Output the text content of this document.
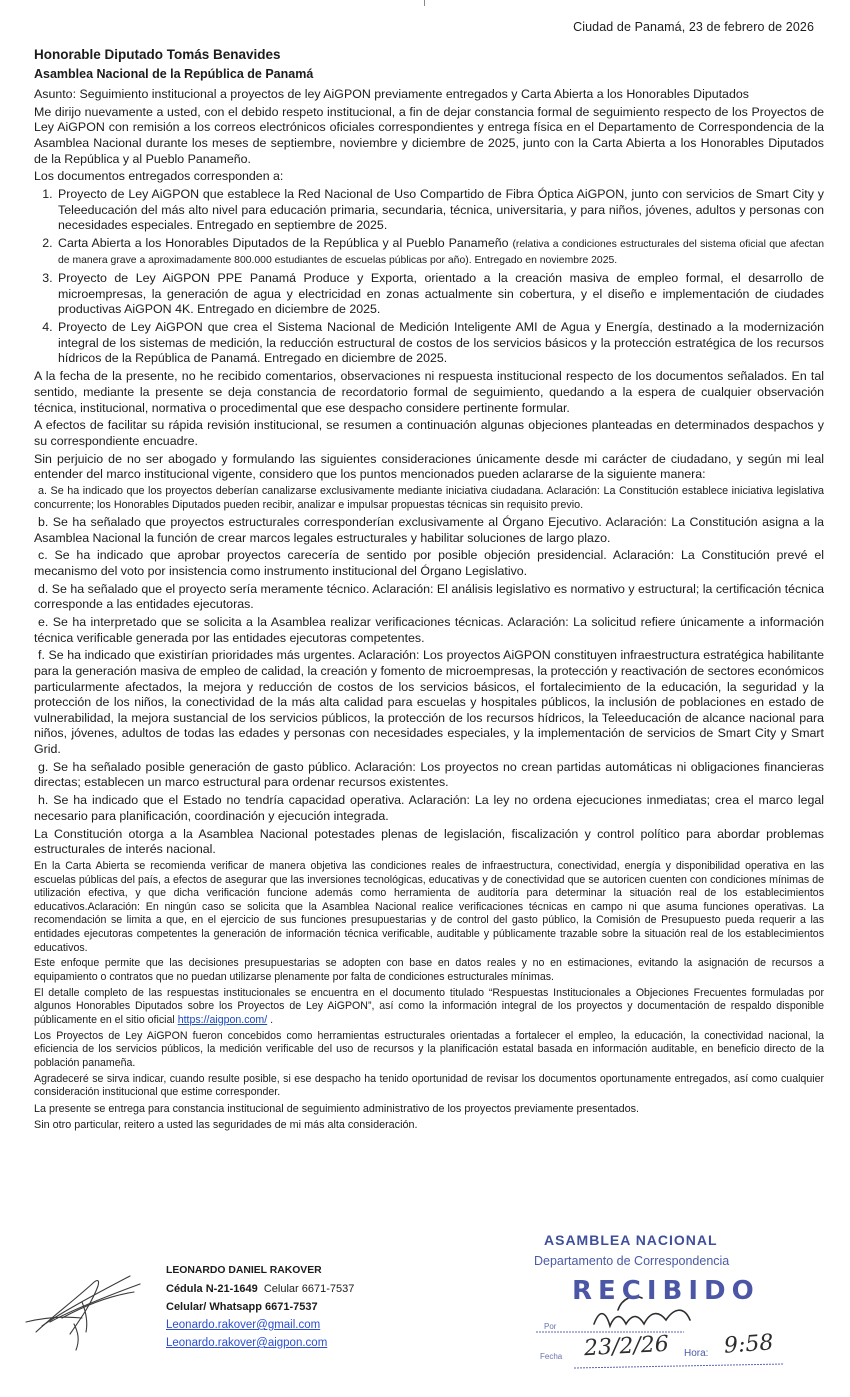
Ciudad de Panamá, 23 de febrero de 2026
Honorable Diputado Tomás Benavides
Asamblea Nacional de la República de Panamá

Asunto: Seguimiento institucional a proyectos de ley AiGPON previamente entregados y Carta Abierta a los Honorables Diputados

Me dirijo nuevamente a usted, con el debido respeto institucional, a fin de dejar constancia formal de seguimiento respecto de los Proyectos de Ley AiGPON con remisión a los correos electrónicos oficiales correspondientes y entrega física en el Departamento de Correspondencia de la Asamblea Nacional durante los meses de septiembre, noviembre y diciembre de 2025, junto con la Carta Abierta a los Honorables Diputados de la República y al Pueblo Panameño.

Los documentos entregados corresponden a:

1. Proyecto de Ley AiGPON que establece la Red Nacional de Uso Compartido de Fibra Óptica AiGPON, junto con servicios de Smart City y Teleeducación del más alto nivel para educación primaria, secundaria, técnica, universitaria, y para niños, jóvenes, adultos y personas con necesidades especiales. Entregado en septiembre de 2025.
2. Carta Abierta a los Honorables Diputados de la República y al Pueblo Panameño (relativa a condiciones estructurales del sistema oficial que afectan de manera grave a aproximadamente 800.000 estudiantes de escuelas públicas por año). Entregado en noviembre 2025.
3. Proyecto de Ley AiGPON PPE Panamá Produce y Exporta, orientado a la creación masiva de empleo formal, el desarrollo de microempresas, la generación de agua y electricidad en zonas actualmente sin cobertura, y el diseño e implementación de ciudades productivas AiGPON 4K. Entregado en diciembre de 2025.
4. Proyecto de Ley AiGPON que crea el Sistema Nacional de Medición Inteligente AMI de Agua y Energía, destinado a la modernización integral de los sistemas de medición, la reducción estructural de costos de los servicios básicos y la protección estratégica de los recursos hídricos de la República de Panamá. Entregado en diciembre de 2025.

A la fecha de la presente, no he recibido comentarios, observaciones ni respuesta institucional respecto de los documentos señalados. En tal sentido, mediante la presente se deja constancia de recordatorio formal de seguimiento, quedando a la espera de cualquier observación técnica, institucional, normativa o procedimental que ese despacho considere pertinente formular.

A efectos de facilitar su rápida revisión institucional, se resumen a continuación algunas objeciones planteadas en determinados despachos y su correspondiente encuadre.

Sin perjuicio de no ser abogado y formulando las siguientes consideraciones únicamente desde mi carácter de ciudadano, y según mi leal entender del marco institucional vigente, considero que los puntos mencionados pueden aclararse de la siguiente manera:

a. Se ha indicado que los proyectos deberían canalizarse exclusivamente mediante iniciativa ciudadana. Aclaración: La Constitución establece iniciativa legislativa concurrente; los Honorables Diputados pueden recibir, analizar e impulsar propuestas técnicas sin requisito previo.

b. Se ha señalado que proyectos estructurales corresponderían exclusivamente al Órgano Ejecutivo. Aclaración: La Constitución asigna a la Asamblea Nacional la función de crear marcos legales estructurales y habilitar soluciones de largo plazo.

c. Se ha indicado que aprobar proyectos carecería de sentido por posible objeción presidencial. Aclaración: La Constitución prevé el mecanismo del voto por insistencia como instrumento institucional del Órgano Legislativo.

d. Se ha señalado que el proyecto sería meramente técnico. Aclaración: El análisis legislativo es normativo y estructural; la certificación técnica corresponde a las entidades ejecutoras.

e. Se ha interpretado que se solicita a la Asamblea realizar verificaciones técnicas. Aclaración: La solicitud refiere únicamente a información técnica verificable generada por las entidades ejecutoras competentes.

f. Se ha indicado que existirían prioridades más urgentes. Aclaración: Los proyectos AiGPON constituyen infraestructura estratégica habilitante para la generación masiva de empleo de calidad, la creación y fomento de microempresas, la protección y reactivación de sectores económicos particularmente afectados, la mejora y reducción de costos de los servicios básicos, el fortalecimiento de la educación, la seguridad y la protección de los niños, la conectividad de la más alta calidad para escuelas y hospitales públicos, la inclusión de poblaciones en estado de vulnerabilidad, la mejora sustancial de los servicios públicos, la protección de los recursos hídricos, la Teleeducación de alcance nacional para niños, jóvenes, adultos de todas las edades y personas con necesidades especiales, y la implementación de servicios de Smart City y Smart Grid.

g. Se ha señalado posible generación de gasto público. Aclaración: Los proyectos no crean partidas automáticas ni obligaciones financieras directas; establecen un marco estructural para ordenar recursos existentes.

h. Se ha indicado que el Estado no tendría capacidad operativa. Aclaración: La ley no ordena ejecuciones inmediatas; crea el marco legal necesario para planificación, coordinación y ejecución integrada.

La Constitución otorga a la Asamblea Nacional potestades plenas de legislación, fiscalización y control político para abordar problemas estructurales de interés nacional.

En la Carta Abierta se recomienda verificar de manera objetiva las condiciones reales de infraestructura, conectividad, energía y disponibilidad operativa en las escuelas públicas del país, a efectos de asegurar que las inversiones tecnológicas, educativas y de conectividad que se autoricen cuenten con condiciones mínimas de utilización efectiva, y que dicha verificación funcione además como herramienta de auditoría para determinar la situación real de los establecimientos educativos.Aclaración: En ningún caso se solicita que la Asamblea Nacional realice verificaciones técnicas en campo ni que asuma funciones operativas. La recomendación se limita a que, en el ejercicio de sus funciones presupuestarias y de control del gasto público, la Comisión de Presupuesto pueda requerir a las entidades ejecutoras competentes la generación de información técnica verificable, auditable y públicamente trazable sobre la situación real de los establecimientos educativos.

Este enfoque permite que las decisiones presupuestarias se adopten con base en datos reales y no en estimaciones, evitando la asignación de recursos a equipamiento o contratos que no puedan utilizarse plenamente por falta de condiciones estructurales mínimas.

El detalle completo de las respuestas institucionales se encuentra en el documento titulado “Respuestas Institucionales a Objeciones Frecuentes formuladas por algunos Honorables Diputados sobre los Proyectos de Ley AiGPON”, así como la información integral de los proyectos y documentación de respaldo disponible públicamente en el sitio oficial https://aigpon.com/ .

Los Proyectos de Ley AiGPON fueron concebidos como herramientas estructurales orientadas a fortalecer el empleo, la educación, la conectividad nacional, la eficiencia de los servicios públicos, la medición verificable del uso de recursos y la planificación estatal basada en información auditable, en beneficio directo de la población panameña.

Agradeceré se sirva indicar, cuando resulte posible, si ese despacho ha tenido oportunidad de revisar los documentos oportunamente entregados, así como cualquier consideración institucional que estime corresponder.

La presente se entrega para constancia institucional de seguimiento administrativo de los proyectos previamente presentados.

Sin otro particular, reitero a usted las seguridades de mi más alta consideración.

LEONARDO DANIEL RAKOVER
Cédula N-21-1649 Celular 6671-7537
Celular/ Whatsapp 6671-7537
Leonardo.rakover@gmail.com
Leonardo.rakover@aigpon.com
ASAMBLEA NACIONAL
Departamento de Correspondencia
RECIBIDO
Por
Fecha 23/2/26 Hora: 9:58
